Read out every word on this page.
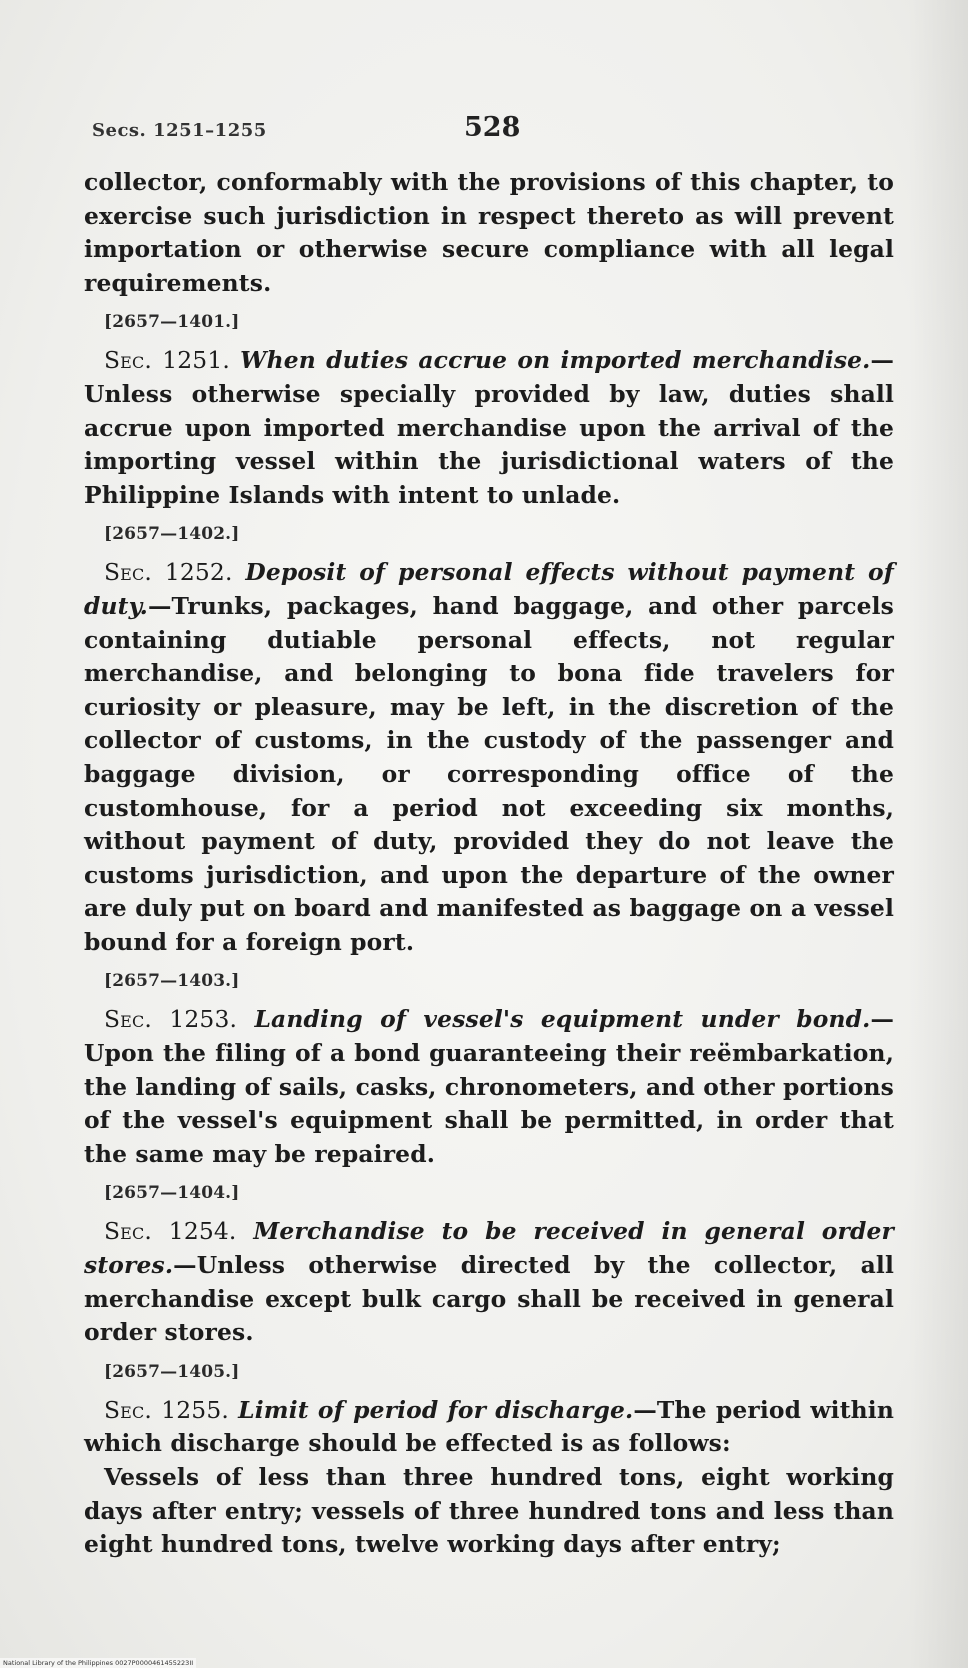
Secs. 1251–1255	528

collector, conformably with the provisions of this chapter, to exercise such jurisdiction in respect thereto as will prevent importation or otherwise secure compliance with all legal requirements.

[2657—1401.]

Sec. 1251. When duties accrue on imported merchandise.—Unless otherwise specially provided by law, duties shall accrue upon imported merchandise upon the arrival of the importing vessel within the jurisdictional waters of the Philippine Islands with intent to unlade.

[2657—1402.]

Sec. 1252. Deposit of personal effects without payment of duty.—Trunks, packages, hand baggage, and other parcels containing dutiable personal effects, not regular merchandise, and belonging to bona fide travelers for curiosity or pleasure, may be left, in the discretion of the collector of customs, in the custody of the passenger and baggage division, or corresponding office of the customhouse, for a period not exceeding six months, without payment of duty, provided they do not leave the customs jurisdiction, and upon the departure of the owner are duly put on board and manifested as baggage on a vessel bound for a foreign port.

[2657—1403.]

Sec. 1253. Landing of vessel's equipment under bond.—Upon the filing of a bond guaranteeing their reëmbarkation, the landing of sails, casks, chronometers, and other portions of the vessel's equipment shall be permitted, in order that the same may be repaired.

[2657—1404.]

Sec. 1254. Merchandise to be received in general order stores.—Unless otherwise directed by the collector, all merchandise except bulk cargo shall be received in general order stores.

[2657—1405.]

Sec. 1255. Limit of period for discharge.—The period within which discharge should be effected is as follows:

Vessels of less than three hundred tons, eight working days after entry; vessels of three hundred tons and less than eight hundred tons, twelve working days after entry;

National Library of the Philippines 0027P0000461455223II
